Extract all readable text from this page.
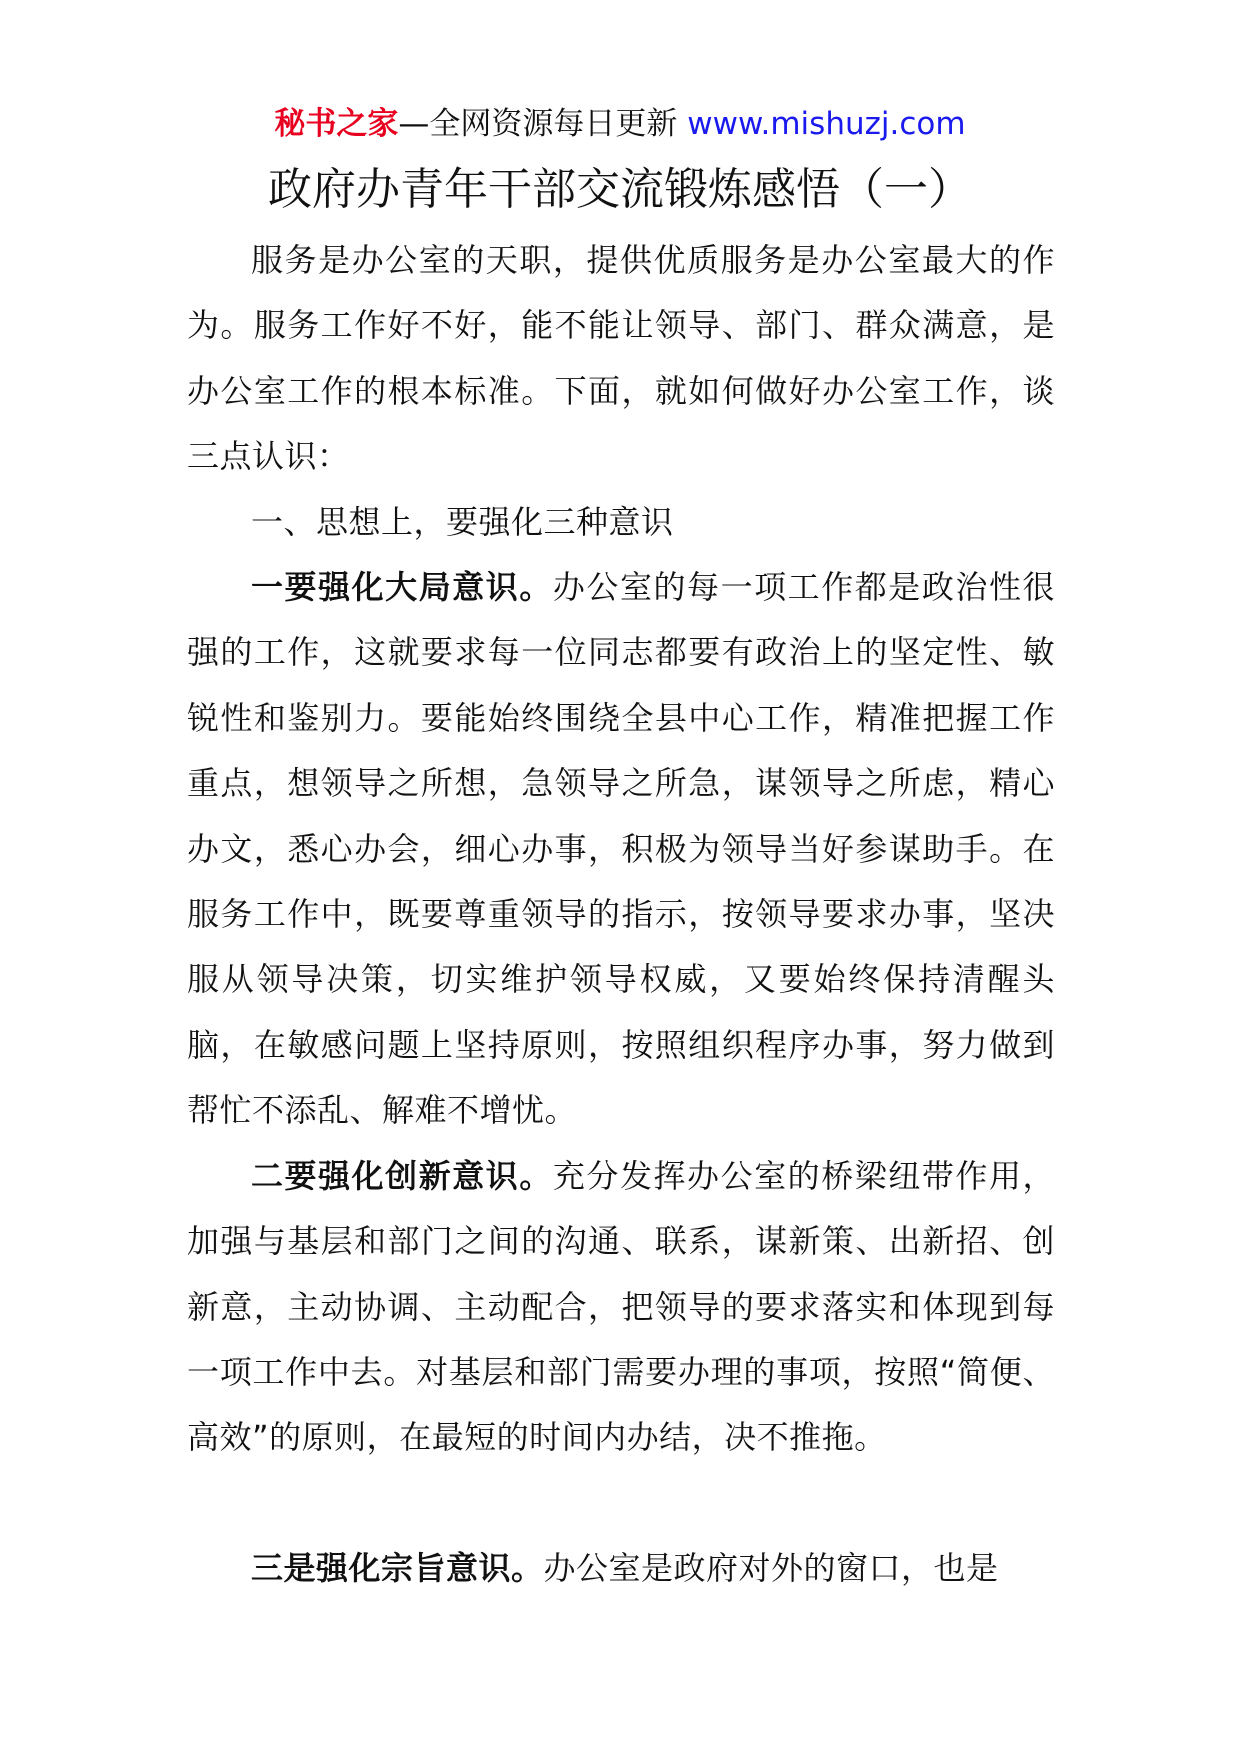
秘书之家—全网资源每日更新 www.mishuzj.com
政府办青年干部交流锻炼感悟（一）

服务是办公室的天职，提供优质服务是办公室最大的作为。服务工作好不好，能不能让领导、部门、群众满意，是办公室工作的根本标准。下面，就如何做好办公室工作，谈三点认识：

一、思想上，要强化三种意识

一要强化大局意识。办公室的每一项工作都是政治性很强的工作，这就要求每一位同志都要有政治上的坚定性、敏锐性和鉴别力。要能始终围绕全县中心工作，精准把握工作重点，想领导之所想，急领导之所急，谋领导之所虑，精心办文，悉心办会，细心办事，积极为领导当好参谋助手。在服务工作中，既要尊重领导的指示，按领导要求办事，坚决服从领导决策，切实维护领导权威，又要始终保持清醒头脑，在敏感问题上坚持原则，按照组织程序办事，努力做到帮忙不添乱、解难不增忧。

二要强化创新意识。充分发挥办公室的桥梁纽带作用，加强与基层和部门之间的沟通、联系，谋新策、出新招、创新意，主动协调、主动配合，把领导的要求落实和体现到每一项工作中去。对基层和部门需要办理的事项，按照“简便、高效”的原则，在最短的时间内办结，决不推拖。

三是强化宗旨意识。办公室是政府对外的窗口，也是
